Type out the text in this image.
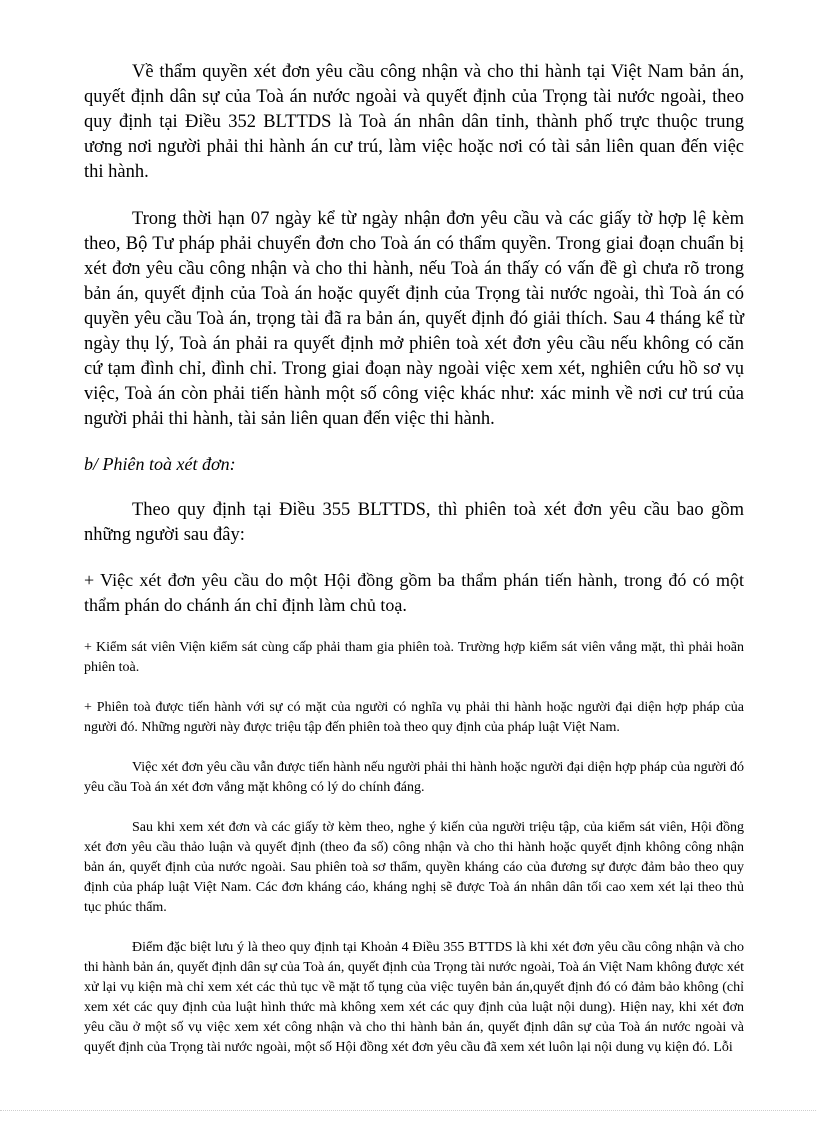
Về thẩm quyền xét đơn yêu cầu công nhận và cho thi hành tại Việt Nam bản án, quyết định dân sự của Toà án nước ngoài và quyết định của Trọng tài nước ngoài, theo quy định tại Điều 352 BLTTDS là Toà án nhân dân tỉnh, thành phố trực thuộc trung ương nơi người phải thi hành án cư trú, làm việc hoặc nơi có tài sản liên quan đến việc thi hành.

Trong thời hạn 07 ngày kể từ ngày nhận đơn yêu cầu và các giấy tờ hợp lệ kèm theo, Bộ Tư pháp phải chuyển đơn cho Toà án có thẩm quyền. Trong giai đoạn chuẩn bị xét đơn yêu cầu công nhận và cho thi hành, nếu Toà án thấy có vấn đề gì chưa rõ trong bản án, quyết định của Toà án hoặc quyết định của Trọng tài nước ngoài, thì Toà án có quyền yêu cầu Toà án, trọng tài đã ra bản án, quyết định đó giải thích. Sau 4 tháng kể từ ngày thụ lý, Toà án phải ra quyết định mở phiên toà xét đơn yêu cầu nếu không có căn cứ tạm đình chỉ, đình chỉ. Trong giai đoạn này ngoài việc xem xét, nghiên cứu hồ sơ vụ việc, Toà án còn phải tiến hành một số công việc khác như: xác minh về nơi cư trú của người phải thi hành, tài sản liên quan đến việc thi hành.

b/ Phiên toà xét đơn:

Theo quy định tại Điều 355 BLTTDS, thì phiên toà xét đơn yêu cầu bao gồm những người sau đây:

+ Việc xét đơn yêu cầu do một Hội đồng gồm ba thẩm phán tiến hành, trong đó có một thẩm phán do chánh án chỉ định làm chủ toạ.

+ Kiểm sát viên Viện kiểm sát cùng cấp phải tham gia phiên toà. Trường hợp kiểm sát viên vắng mặt, thì phải hoãn phiên toà.

+ Phiên toà được tiến hành với sự có mặt của người có nghĩa vụ phải thi hành hoặc người đại diện hợp pháp của người đó. Những người này được triệu tập đến phiên toà theo quy định của pháp luật Việt Nam.

Việc xét đơn yêu cầu vẫn được tiến hành nếu người phải thi hành hoặc người đại diện hợp pháp của người đó yêu cầu Toà án xét đơn vắng mặt không có lý do chính đáng.

Sau khi xem xét đơn và các giấy tờ kèm theo, nghe ý kiến của người triệu tập, của kiểm sát viên, Hội đồng xét đơn yêu cầu thảo luận và quyết định (theo đa số) công nhận và cho thi hành hoặc quyết định không công nhận bản án, quyết định của nước ngoài. Sau phiên toà sơ thẩm, quyền kháng cáo của đương sự được đảm bảo theo quy định của pháp luật Việt Nam. Các đơn kháng cáo, kháng nghị sẽ được Toà án nhân dân tối cao xem xét lại theo thủ tục phúc thẩm.

Điểm đặc biệt lưu ý là theo quy định tại Khoản 4 Điều 355 BTTDS là khi xét đơn yêu cầu công nhận và cho thi hành bản án, quyết định dân sự của Toà án, quyết định của Trọng tài nước ngoài, Toà án Việt Nam không được xét xử lại vụ kiện mà chỉ xem xét các thủ tục về mặt tố tụng của việc tuyên bản án,quyết định đó có đảm bảo không (chỉ xem xét các quy định của luật hình thức mà không xem xét các quy định của luật nội dung). Hiện nay, khi xét đơn yêu cầu ở một số vụ việc xem xét công nhận và cho thi hành bản án, quyết định dân sự của Toà án nước ngoài và quyết định của Trọng tài nước ngoài, một số Hội đồng xét đơn yêu cầu đã xem xét luôn lại nội dung vụ kiện đó. Lỗi
